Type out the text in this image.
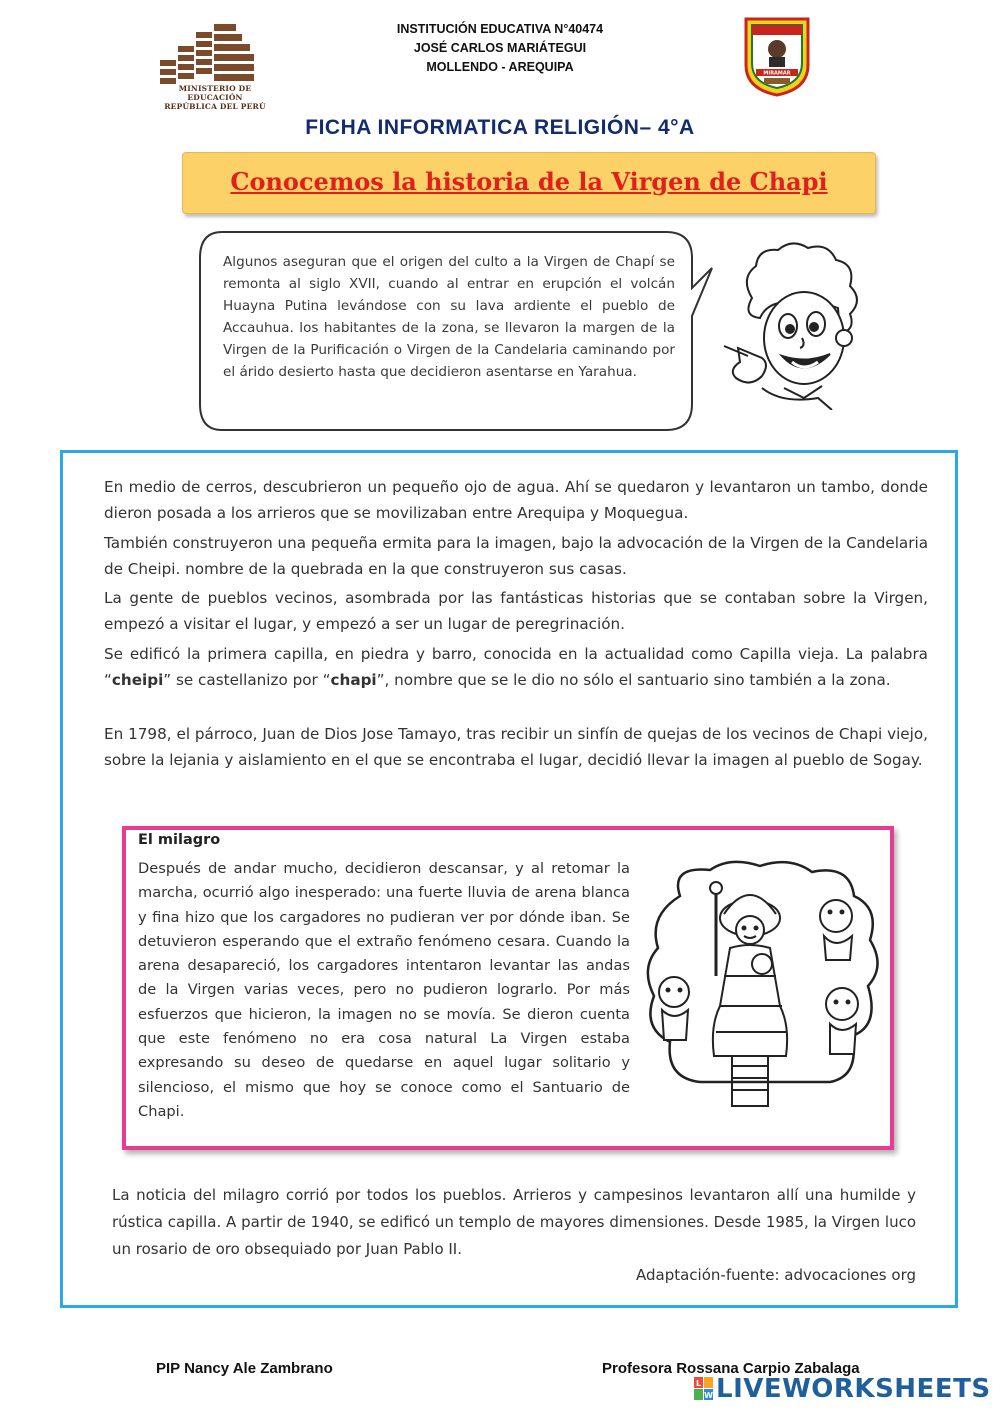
MINISTERIO DE EDUCACIÓN
REPÚBLICA DEL PERÚ
INSTITUCIÓN EDUCATIVA N°40474
JOSÉ CARLOS MARIÁTEGUI
MOLLENDO - AREQUIPA	MIRAMAR
FICHA INFORMATICA RELIGIÓN– 4°A
Conocemos la historia de la Virgen de Chapi
Algunos aseguran que el origen del culto a la Virgen de Chapí se remonta al siglo XVII, cuando al entrar en erupción el volcán Huayna Putina levándose con su lava ardiente el pueblo de Accauhua. los habitantes de la zona, se llevaron la margen de la Virgen de la Purificación o Virgen de la Candelaria caminando por el árido desierto hasta que decidieron asentarse en Yarahua.
En medio de cerros, descubrieron un pequeño ojo de agua. Ahí se quedaron y levantaron un tambo, donde dieron posada a los arrieros que se movilizaban entre Arequipa y Moquegua.
También construyeron una pequeña ermita para la imagen, bajo la advocación de la Virgen de la Candelaria de Cheipi. nombre de la quebrada en la que construyeron sus casas.
La gente de pueblos vecinos, asombrada por las fantásticas historias que se contaban sobre la Virgen, empezó a visitar el lugar, y empezó a ser un lugar de peregrinación.
Se edificó la primera capilla, en piedra y barro, conocida en la actualidad como Capilla vieja. La palabra “cheipi” se castellanizo por “chapi”, nombre que se le dio no sólo el santuario sino también a la zona.
En 1798, el párroco, Juan de Dios Jose Tamayo, tras recibir un sinfín de quejas de los vecinos de Chapi viejo, sobre la lejania y aislamiento en el que se encontraba el lugar, decidió llevar la imagen al pueblo de Sogay.
El milagro
Después de andar mucho, decidieron descansar, y al retomar la marcha, ocurrió algo inesperado: una fuerte lluvia de arena blanca y fina hizo que los cargadores no pudieran ver por dónde iban. Se detuvieron esperando que el extraño fenómeno cesara. Cuando la arena desapareció, los cargadores intentaron levantar las andas de la Virgen varias veces, pero no pudieron lograrlo. Por más esfuerzos que hicieron, la imagen no se movía. Se dieron cuenta que este fenómeno no era cosa natural La Virgen estaba expresando su deseo de quedarse en aquel lugar solitario y silencioso, el mismo que hoy se conoce como el Santuario de Chapi.
La noticia del milagro corrió por todos los pueblos. Arrieros y campesinos levantaron allí una humilde y rústica capilla. A partir de 1940, se edificó un templo de mayores dimensiones. Desde 1985, la Virgen luco un rosario de oro obsequiado por Juan Pablo II.
Adaptación-fuente: advocaciones org
PIP Nancy Ale Zambrano	Profesora Rossana Carpio Zabalaga
L
W LIVEWORKSHEETS
